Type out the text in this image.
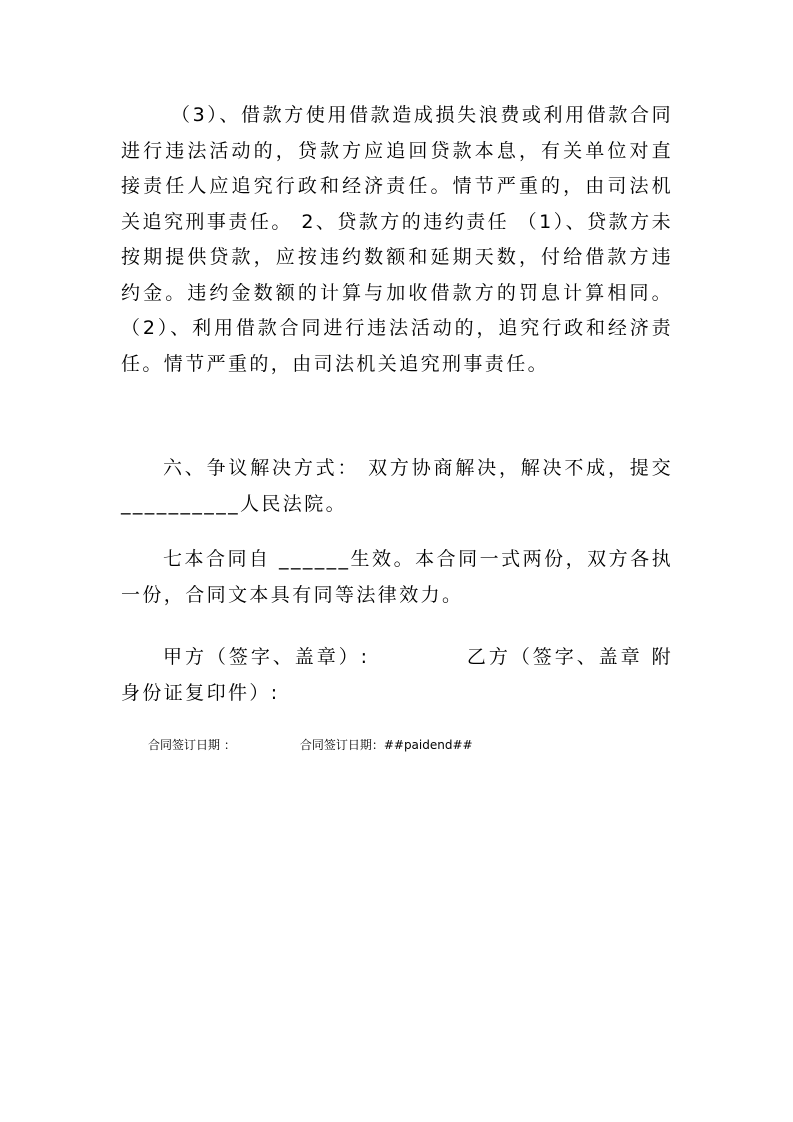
（3）、借款方使用借款造成损失浪费或利用借款合同进行违法活动的，贷款方应追回贷款本息，有关单位对直接责任人应追究行政和经济责任。情节严重的，由司法机关追究刑事责任。 2、贷款方的违约责任 （1）、贷款方未按期提供贷款，应按违约数额和延期天数，付给借款方违约金。违约金数额的计算与加收借款方的罚息计算相同。 （2）、利用借款合同进行违法活动的，追究行政和经济责任。情节严重的，由司法机关追究刑事责任。

六、争议解决方式： 双方协商解决，解决不成，提交__________人民法院。

七本合同自 ______生效。本合同一式两份，双方各执一份，合同文本具有同等法律效力。

甲方（签字、盖章）:　　　　 乙方（签字、盖章 附身份证复印件）:

合同签订日期 ：	合同签订日期：##paidend##
